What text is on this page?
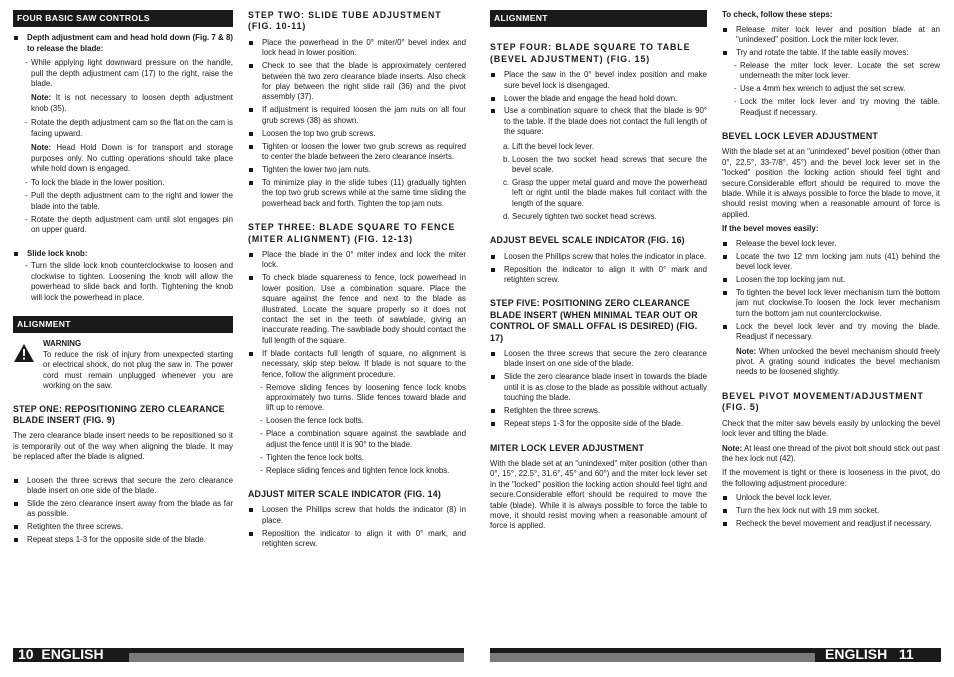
FOUR BASIC SAW CONTROLS
Depth adjustment cam and head hold down (Fig. 7 & 8) to release the blade:
- While applying light downward pressure on the handle, pull the depth adjustment cam (17) to the right, raise the blade.

Note: It is not necessary to loosen depth adjustment knob (35).

- Rotate the depth adjustment cam so the flat on the cam is facing upward.

Note: Head Hold Down is for transport and storage purposes only. No cutting operations should take place while hold down is engaged.

- To lock the blade in the lower position.
- Pull the depth adjustment cam to the right and lower the blade into the table.
- Rotate the depth adjustment cam until slot engages pin on upper guard.
Slide lock knob:
- Turn the slide lock knob counterclockwise to loosen and clockwise to tighten. Loosening the knob will allow the powerhead to slide back and forth. Tightening the knob will lock the powerhead in place.
ALIGNMENT
WARNING

To reduce the risk of injury from unexpected starting or electrical shock, do not plug the saw in. The power cord must remain unplugged whenever you are working on the saw.

STEP ONE: REPOSITIONING ZERO CLEARANCE BLADE INSERT (FIG. 9)

The zero clearance blade insert needs to be repositioned so it is temporarily out of the way when aligning the blade. It may be replaced after the blade is aligned.

Loosen the three screws that secure the zero clearance blade insert on one side of the blade.
Slide the zero clearance insert away from the blade as far as possible.
Retighten the three screws.
Repeat steps 1-3 for the opposite side of the blade.
STEP TWO: SLIDE TUBE ADJUSTMENT (FIG. 10-11)
Place the powerhead in the 0° miter/0° bevel index and lock head in lower position.
Check to see that the blade is approximately centered between the two zero clearance blade inserts. Also check for play between the right slide rail (36) and the pivot assembly (37).
If adjustment is required loosen the jam nuts on all four grub screws (38) as shown.
Loosen the top two grub screws.
Tighten or loosen the lower two grub screws as required to center the blade between the zero clearance inserts.
Tighten the lower two jam nuts.
To minimize play in the slide tubes (11) gradually tighten the top two grub screws while at the same time sliding the powerhead back and forth. Tighten the top jam nuts.
STEP THREE: BLADE SQUARE TO FENCE (MITER ALIGNMENT) (FIG. 12-13)
Place the blade in the 0° miter index and lock the miter lock.
To check blade squareness to fence, lock powerhead in lower position. Use a combination square. Place the square against the fence and next to the blade as illustrated. Locate the square properly so it does not contact the set in the teeth of sawblade, giving an inaccurate reading. The sawblade body should contact the full length of the square.
If blade contacts full length of square, no alignment is necessary, skip step below. If blade is not square to the fence, follow the alignment procedure.
- Remove sliding fences by loosening fence lock knobs approximately two turns. Slide fences toward blade and lift up to remove.
- Loosen the fence lock bolts.
- Place a combination square against the sawblade and adjust the fence until it is 90° to the blade.
- Tighten the fence lock bolts.
- Replace sliding fences and tighten fence lock knobs.
ADJUST MITER SCALE INDICATOR (FIG. 14)
Loosen the Phillips screw that holds the indicator (8) in place.
Reposition the indicator to align it with 0° mark, and retighten screw.
ALIGNMENT
STEP FOUR: BLADE SQUARE TO TABLE (BEVEL ADJUSTMENT) (FIG. 15)
Place the saw in the 0° bevel index position and make sure bevel lock is disengaged.
Lower the blade and engage the head hold down.
Use a combination square to check that the blade is 90° to the table. If the blade does not contact the full length of the square:
a. Lift the bevel lock lever.
b. Loosen the two socket head screws that secure the bevel scale.
c. Grasp the upper metal guard and move the powerhead left or right until the blade makes full contact with the length of the square.
d. Securely tighten two socket head screws.
ADJUST BEVEL SCALE INDICATOR (FIG. 16)
Loosen the Phillips screw that holes the indicator in place.
Reposition the indicator to align it with 0° mark and retighten screw.
STEP FIVE: POSITIONING ZERO CLEARANCE BLADE INSERT (WHEN MINIMAL TEAR OUT OR CONTROL OF SMALL OFFAL IS DESIRED) (FIG. 17)
Loosen the three screws that secure the zero clearance blade insert on one side of the blade.
Slide the zero clearance blade insert in towards the blade until it is as close to the blade as possible without actually touching the blade.
Retighten the three screws.
Repeat steps 1-3 for the opposite side of the blade.
MITER LOCK LEVER ADJUSTMENT

With the blade set at an "unindexed" miter position (other than 0°, 15°, 22.5°, 31.6°, 45° and 60°) and the miter lock lever set in the "locked" position the locking action should feel tight and secure.Considerable effort should be required to move the table (blade). While it is always possible to force the table to move, it should resist moving when a reasonable amount of force is applied.

To check, follow these steps:
Release miter lock lever and position blade at an "unindexed" position. Lock the miter lock lever.
Try and rotate the table. If the table easily moves:
- Release the miter lock lever. Locate the set screw underneath the miter lock lever.
- Use a 4mm hex wrench to adjust the set screw.
- Lock the miter lock lever and try moving the table. Readjust if necessary.
BEVEL LOCK LEVER ADJUSTMENT

With the blade set at an "unindexed" bevel position (other than 0°, 22.5°, 33-7/8°, 45°) and the bevel lock lever set in the "locked" position the locking action should feel tight and secure.Considerable effort should be required to move the blade. While it is always possible to force the blade to move, it should resist moving when a reasonable amount of force is applied.

If the bevel moves easily:
Release the bevel lock lever.
Locate the two 12 mm locking jam nuts (41) behind the bevel lock lever.
Loosen the top locking jam nut.
To tighten the bevel lock lever mechanism turn the bottom jam nut clockwise.To loosen the lock lever mechanism turn the bottom jam nut counterclockwise.
Lock the bevel lock lever and try moving the blade. Readjust if necessary.

Note: When unlocked the bevel mechanism should freely pivot. A grating sound indicates the bevel mechanism needs to be loosened slightly.

BEVEL PIVOT MOVEMENT/ADJUSTMENT (FIG. 5)

Check that the miter saw bevels easily by unlocking the bevel lock lever and tilting the blade.

Note: At least one thread of the pivot bolt should stick out past the hex lock nut (42).

If the movement is tight or there is looseness in the pivot, do the following adjustment procedure:

Unlock the bevel lock lever.
Turn the hex lock nut with 19 mm socket.
Recheck the bevel movement and readjust if necessary.
10 ENGLISH	ENGLISH 11
